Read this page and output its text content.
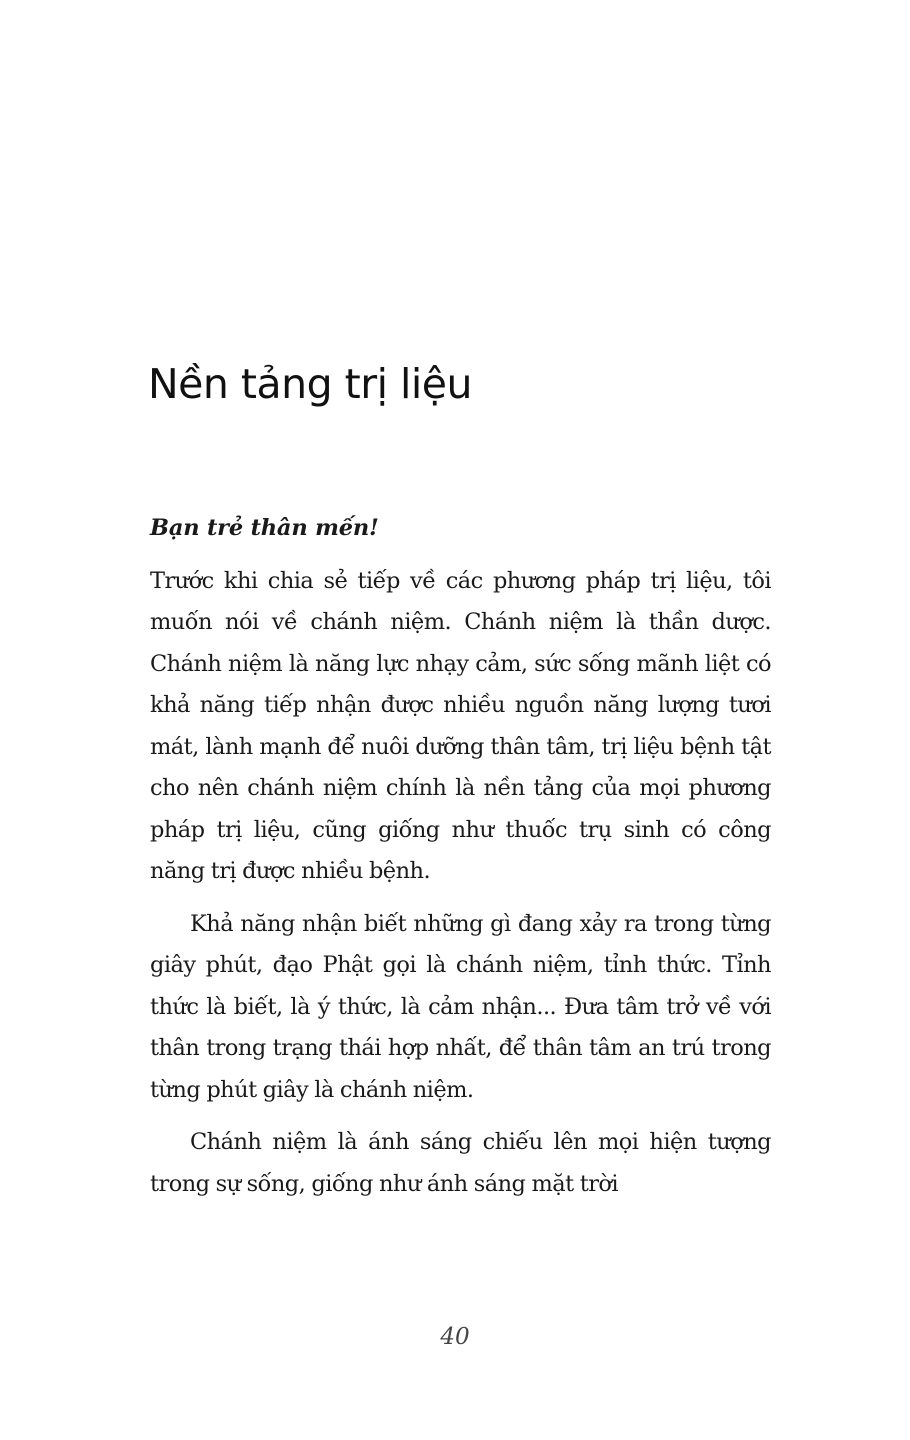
Nền tảng trị liệu

Bạn trẻ thân mến!

Trước khi chia sẻ tiếp về các phương pháp trị liệu, tôi muốn nói về chánh niệm. Chánh niệm là thần dược. Chánh niệm là năng lực nhạy cảm, sức sống mãnh liệt có khả năng tiếp nhận được nhiều nguồn năng lượng tươi mát, lành mạnh để nuôi dưỡng thân tâm, trị liệu bệnh tật cho nên chánh niệm chính là nền tảng của mọi phương pháp trị liệu, cũng giống như thuốc trụ sinh có công năng trị được nhiều bệnh.

Khả năng nhận biết những gì đang xảy ra trong từng giây phút, đạo Phật gọi là chánh niệm, tỉnh thức. Tỉnh thức là biết, là ý thức, là cảm nhận... Đưa tâm trở về với thân trong trạng thái hợp nhất, để thân tâm an trú trong từng phút giây là chánh niệm.

Chánh niệm là ánh sáng chiếu lên mọi hiện tượng trong sự sống, giống như ánh sáng mặt trời

40
